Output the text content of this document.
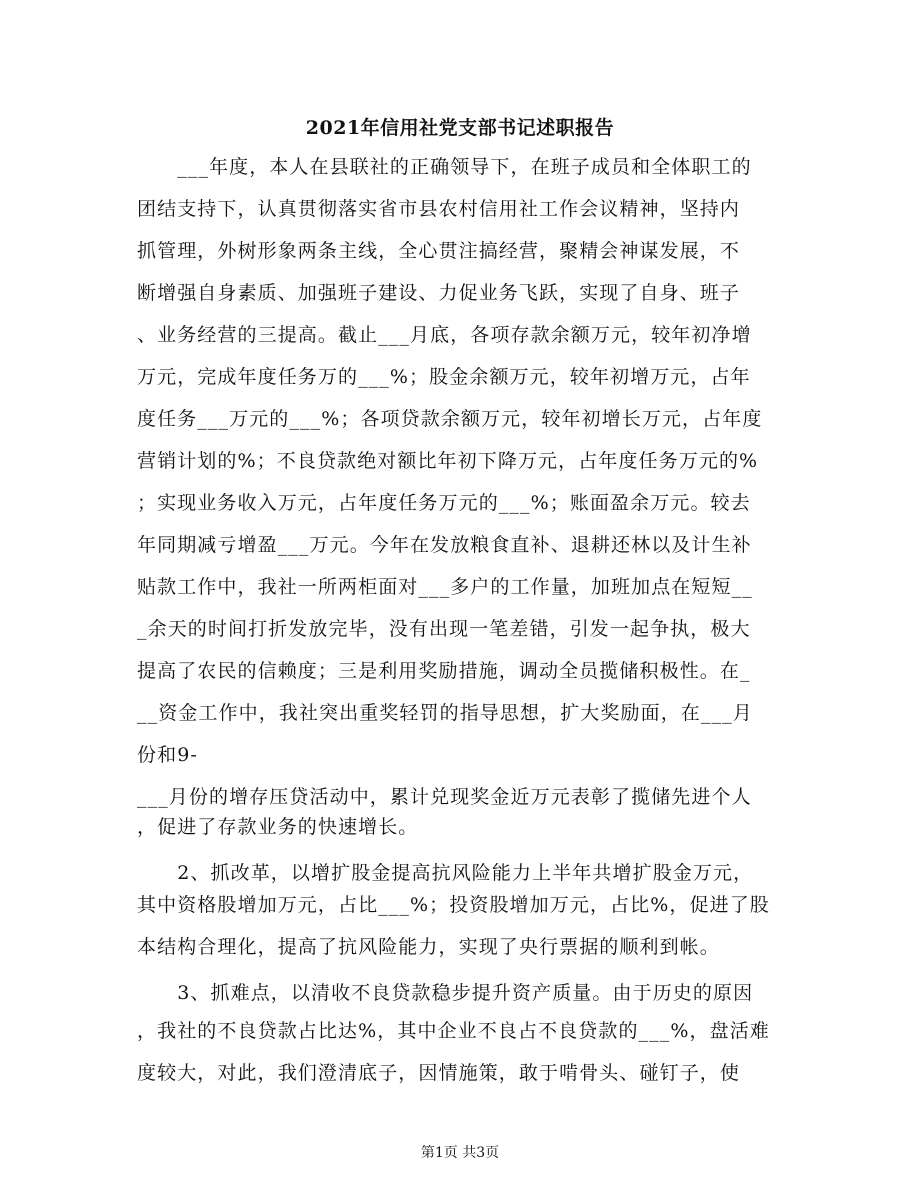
2021年信用社党支部书记述职报告
　　___年度，本人在县联社的正确领导下，在班子成员和全体职工的
团结支持下，认真贯彻落实省市县农村信用社工作会议精神，坚持内
抓管理，外树形象两条主线，全心贯注搞经营，聚精会神谋发展，不
断增强自身素质、加强班子建设、力促业务飞跃，实现了自身、班子
、业务经营的三提高。截止___月底，各项存款余额万元，较年初净增
万元，完成年度任务万的___%；股金余额万元，较年初增万元，占年
度任务___万元的___%；各项贷款余额万元，较年初增长万元，占年度
营销计划的%；不良贷款绝对额比年初下降万元，占年度任务万元的%
；实现业务收入万元，占年度任务万元的___%；账面盈余万元。较去
年同期减亏增盈___万元。今年在发放粮食直补、退耕还林以及计生补
贴款工作中，我社一所两柜面对___多户的工作量，加班加点在短短__
_余天的时间打折发放完毕，没有出现一笔差错，引发一起争执，极大
提高了农民的信赖度；三是利用奖励措施，调动全员揽储积极性。在_
__资金工作中，我社突出重奖轻罚的指导思想，扩大奖励面，在___月
份和9-
___月份的增存压贷活动中，累计兑现奖金近万元表彰了揽储先进个人
，促进了存款业务的快速增长。
　　2、抓改革，以增扩股金提高抗风险能力上半年共增扩股金万元，
其中资格股增加万元，占比___%；投资股增加万元，占比%，促进了股
本结构合理化，提高了抗风险能力，实现了央行票据的顺利到帐。
　　3、抓难点，以清收不良贷款稳步提升资产质量。由于历史的原因
，我社的不良贷款占比达%，其中企业不良占不良贷款的___%，盘活难
度较大，对此，我们澄清底子，因情施策，敢于啃骨头、碰钉子，使
第1页 共3页
